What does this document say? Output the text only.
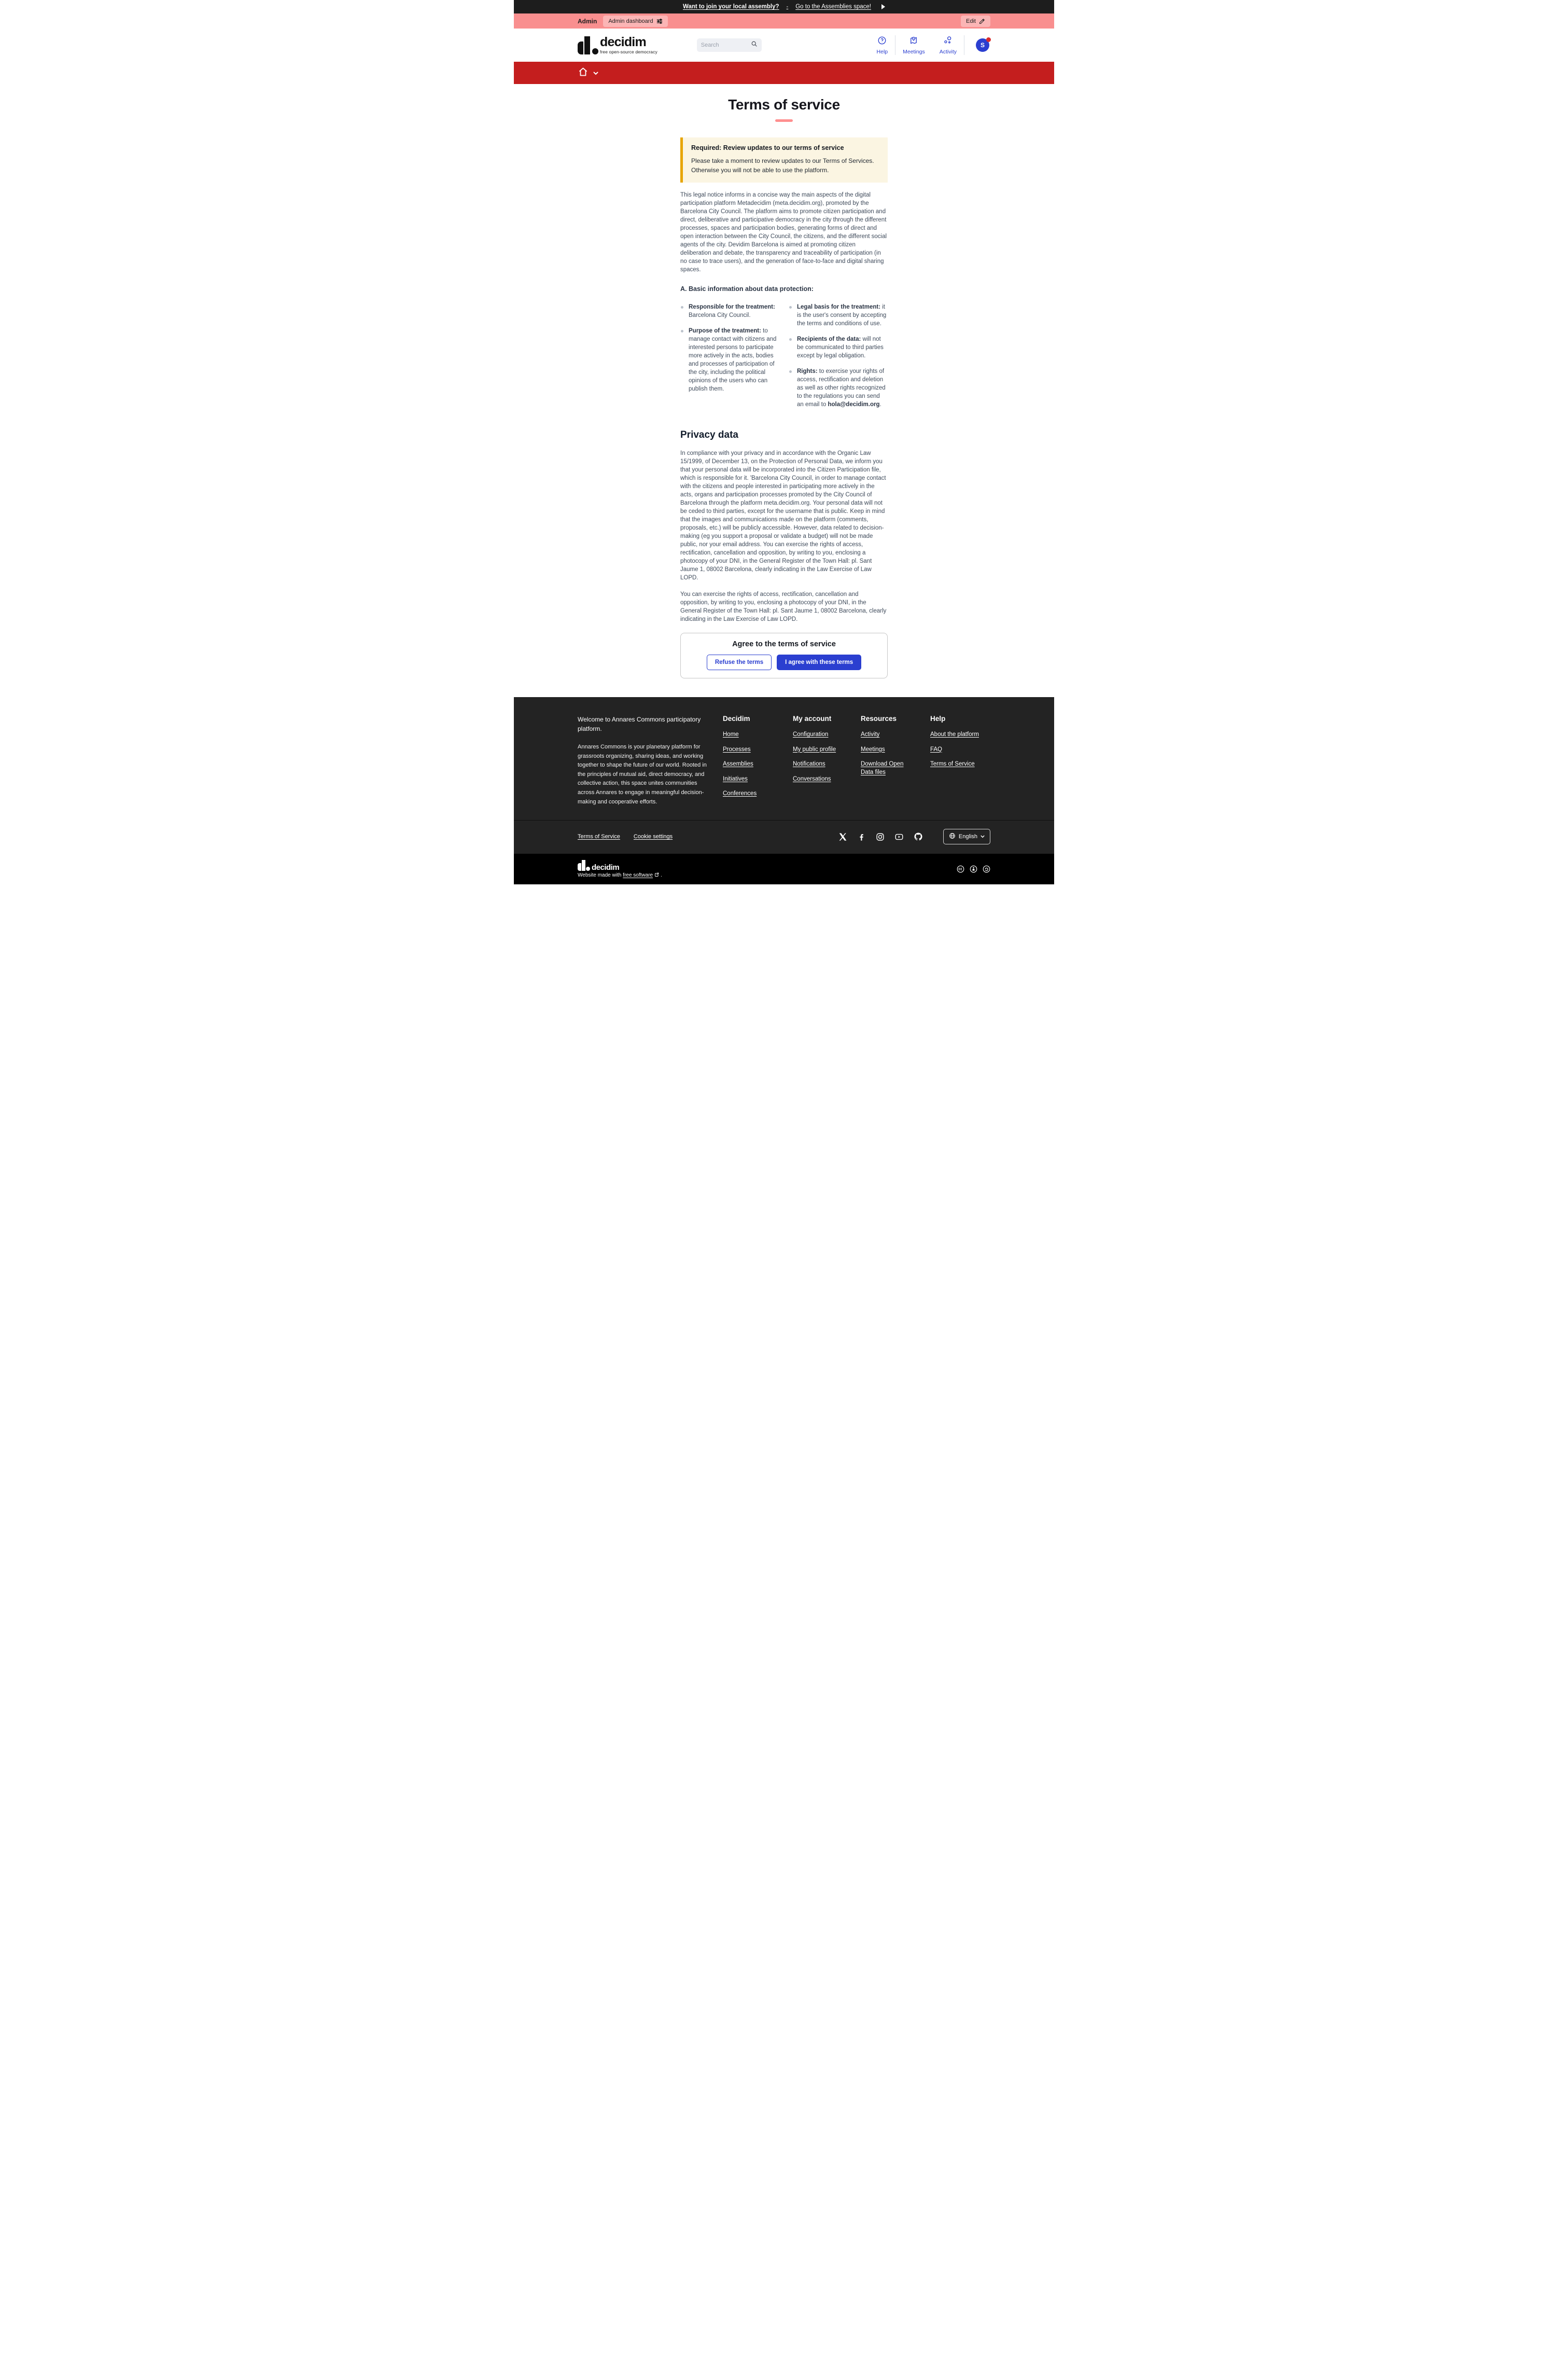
Want to join your local assembly? - Go to the Assemblies space!
Admin Admin dashboard	Edit
decidim
free open-source democracy
Search	Help	Meetings	Activity
S
Terms of service
Required: Review updates to our terms of service
Please take a moment to review updates to our Terms of Services. Otherwise you will not be able to use the platform.

This legal notice informs in a concise way the main aspects of the digital participation platform Metadecidim (meta.decidim.org), promoted by the Barcelona City Council. The platform aims to promote citizen participation and direct, deliberative and participative democracy in the city through the different processes, spaces and participation bodies, generating forms of direct and open interaction between the City Council, the citizens, and the different social agents of the city. Devidim Barcelona is aimed at promoting citizen deliberation and debate, the transparency and traceability of participation (in no case to trace users), and the generation of face-to-face and digital sharing spaces.

A. Basic information about data protection:

Responsible for the treatment: Barcelona City Council.
Purpose of the treatment: to manage contact with citizens and interested persons to participate more actively in the acts, bodies and processes of participation of the city, including the political opinions of the users who can publish them.
Legal basis for the treatment: it is the user's consent by accepting the terms and conditions of use.
Recipients of the data: will not be communicated to third parties except by legal obligation.
Rights: to exercise your rights of access, rectification and deletion as well as other rights recognized to the regulations you can send an email to hola@decidim.org.
Privacy data

In compliance with your privacy and in accordance with the Organic Law 15/1999, of December 13, on the Protection of Personal Data, we inform you that your personal data will be incorporated into the Citizen Participation file, which is responsible for it. 'Barcelona City Council, in order to manage contact with the citizens and people interested in participating more actively in the acts, organs and participation processes promoted by the City Council of Barcelona through the platform meta.decidim.org. Your personal data will not be ceded to third parties, except for the username that is public. Keep in mind that the images and communications made on the platform (comments, proposals, etc.) will be publicly accessible. However, data related to decision-making (eg you support a proposal or validate a budget) will not be made public, nor your email address. You can exercise the rights of access, rectification, cancellation and opposition, by writing to you, enclosing a photocopy of your DNI, in the General Register of the Town Hall: pl. Sant Jaume 1, 08002 Barcelona, clearly indicating in the Law Exercise of Law LOPD.

You can exercise the rights of access, rectification, cancellation and opposition, by writing to you, enclosing a photocopy of your DNI, in the General Register of the Town Hall: pl. Sant Jaume 1, 08002 Barcelona, clearly indicating in the Law Exercise of Law LOPD.

Agree to the terms of service
Refuse the terms	I agree with these terms
Welcome to Annares Commons participatory platform.
Annares Commons is your planetary platform for grassroots organizing, sharing ideas, and working together to shape the future of our world. Rooted in the principles of mutual aid, direct democracy, and collective action, this space unites communities across Annares to engage in meaningful decision-making and cooperative efforts.
Decidim
Home
Processes
Assemblies
Initiatives
Conferences
My account
Configuration
My public profile
Notifications
Conversations
Resources
Activity
Meetings
Download Open Data files
Help
About the platform
FAQ
Terms of Service
Terms of Service Cookie settings	English
decidim
Website made with free software .
